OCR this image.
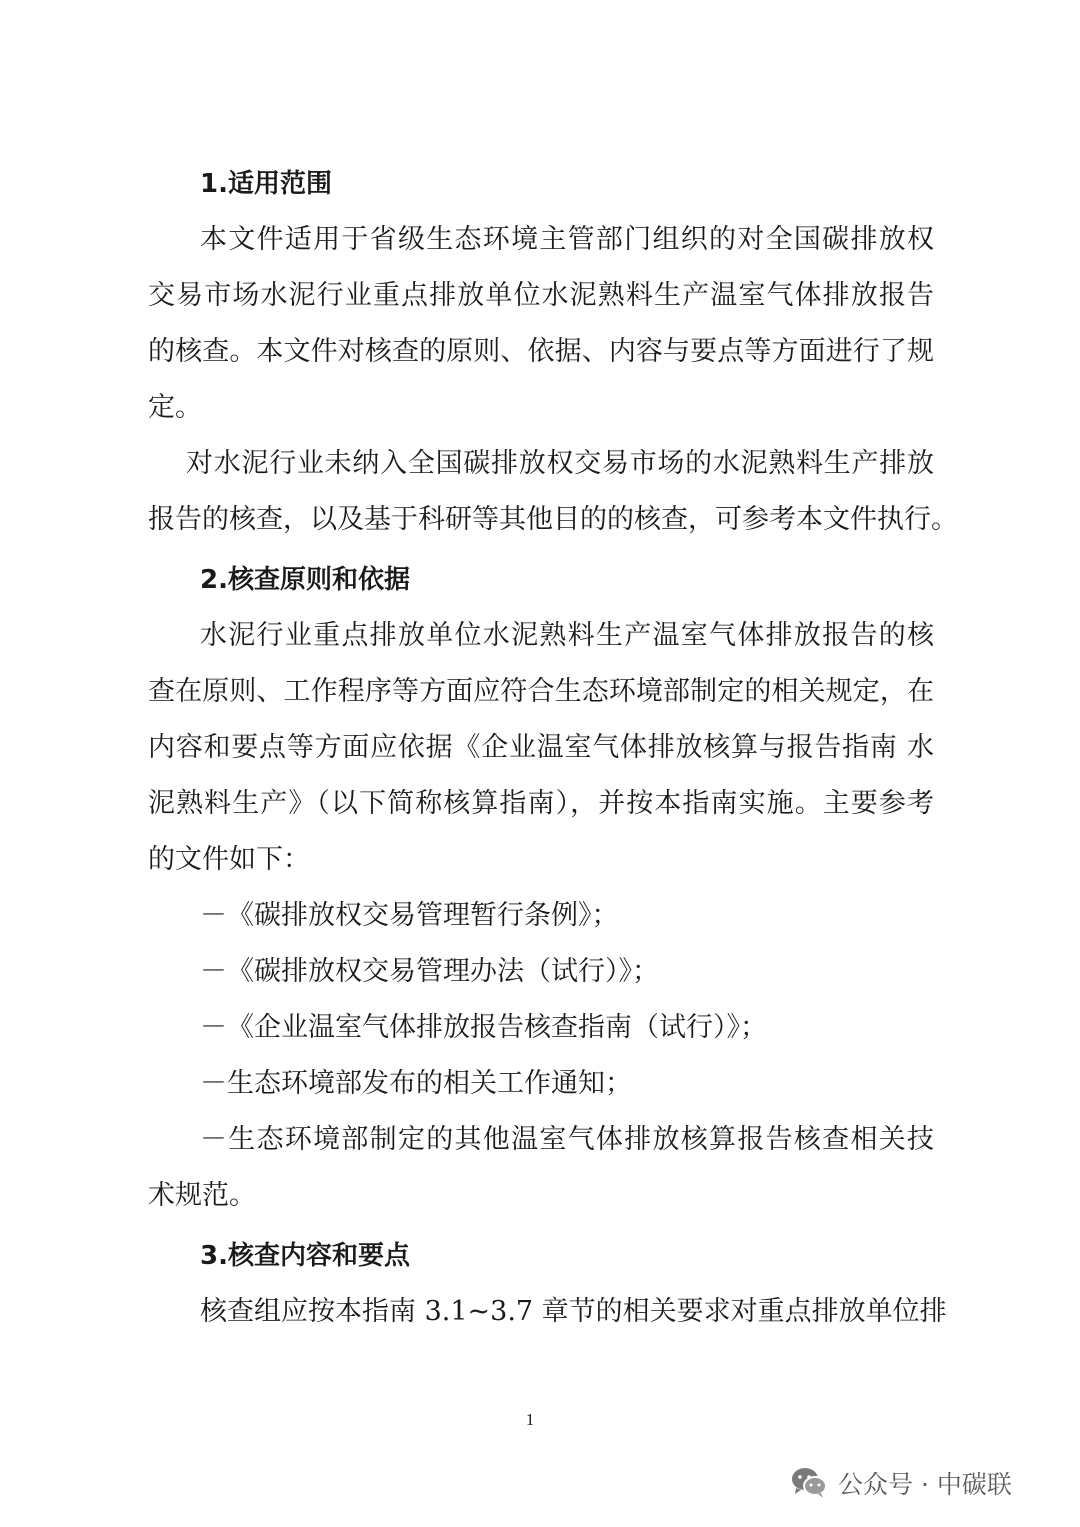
1.适用范围
本文件适用于省级生态环境主管部门组织的对全国碳排放权
交易市场水泥行业重点排放单位水泥熟料生产温室气体排放报告
的核查。本文件对核查的原则、依据、内容与要点等方面进行了规
定。
对水泥行业未纳入全国碳排放权交易市场的水泥熟料生产排放
报告的核查，以及基于科研等其他目的的核查，可参考本文件执行。
2.核查原则和依据
水泥行业重点排放单位水泥熟料生产温室气体排放报告的核
查在原则、工作程序等方面应符合生态环境部制定的相关规定，在
内容和要点等方面应依据《企业温室气体排放核算与报告指南 水
泥熟料生产》（以下简称核算指南），并按本指南实施。主要参考
的文件如下：
－《碳排放权交易管理暂行条例》；
－《碳排放权交易管理办法（试行）》；
－《企业温室气体排放报告核查指南（试行）》；
－生态环境部发布的相关工作通知；
－生态环境部制定的其他温室气体排放核算报告核查相关技
术规范。
3.核查内容和要点
核查组应按本指南 3.1~3.7 章节的相关要求对重点排放单位排
1
公众号 · 中碳联
